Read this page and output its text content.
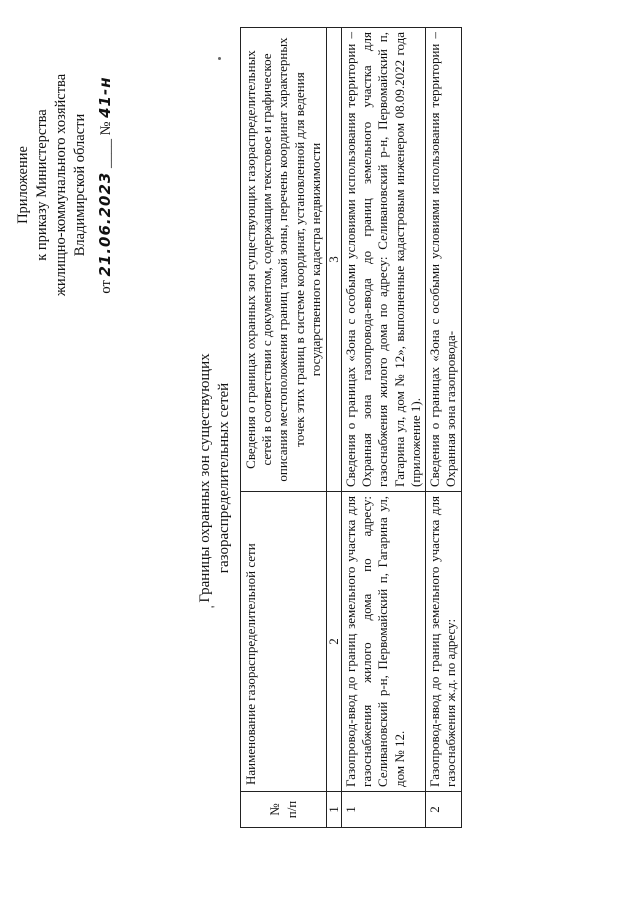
Приложение к приказу Министерства жилищно-коммунального хозяйства Владимирской области
от 21.06.2023 ____ № 41-н
Границы охранных зон существующих газораспределительных сетей
'
№ п/п	Наименование газораспределительной сети	Сведения о границах охранных зон существующих газораспределительных сетей в соответствии с документом, содержащим текстовое и графическое описания местоположения границ такой зоны, перечень координат характерных точек этих границ в системе координат, установленной для ведения государственного кадастра недвижимости
1	2	3
1	Газопровод-ввод до границ земельного участка для газоснабжения жилого дома по адресу: Селивановский р-н, Первомайский п, Гагарина ул, дом № 12.	Сведения о границах «Зона с особыми условиями использования территории – Охранная зона газопровода-ввода до границ земельного участка для газоснабжения жилого дома по адресу: Селивановский р-н, Первомайский п, Гагарина ул, дом № 12», выполненные кадастровым инженером 08.09.2022 года (приложение 1).

2	Газопровод-ввод до границ земельного участка для газоснабжения ж.д. по адресу:	Сведения о границах «Зона с особыми условиями использования территории – Охранная зона газопровода-
